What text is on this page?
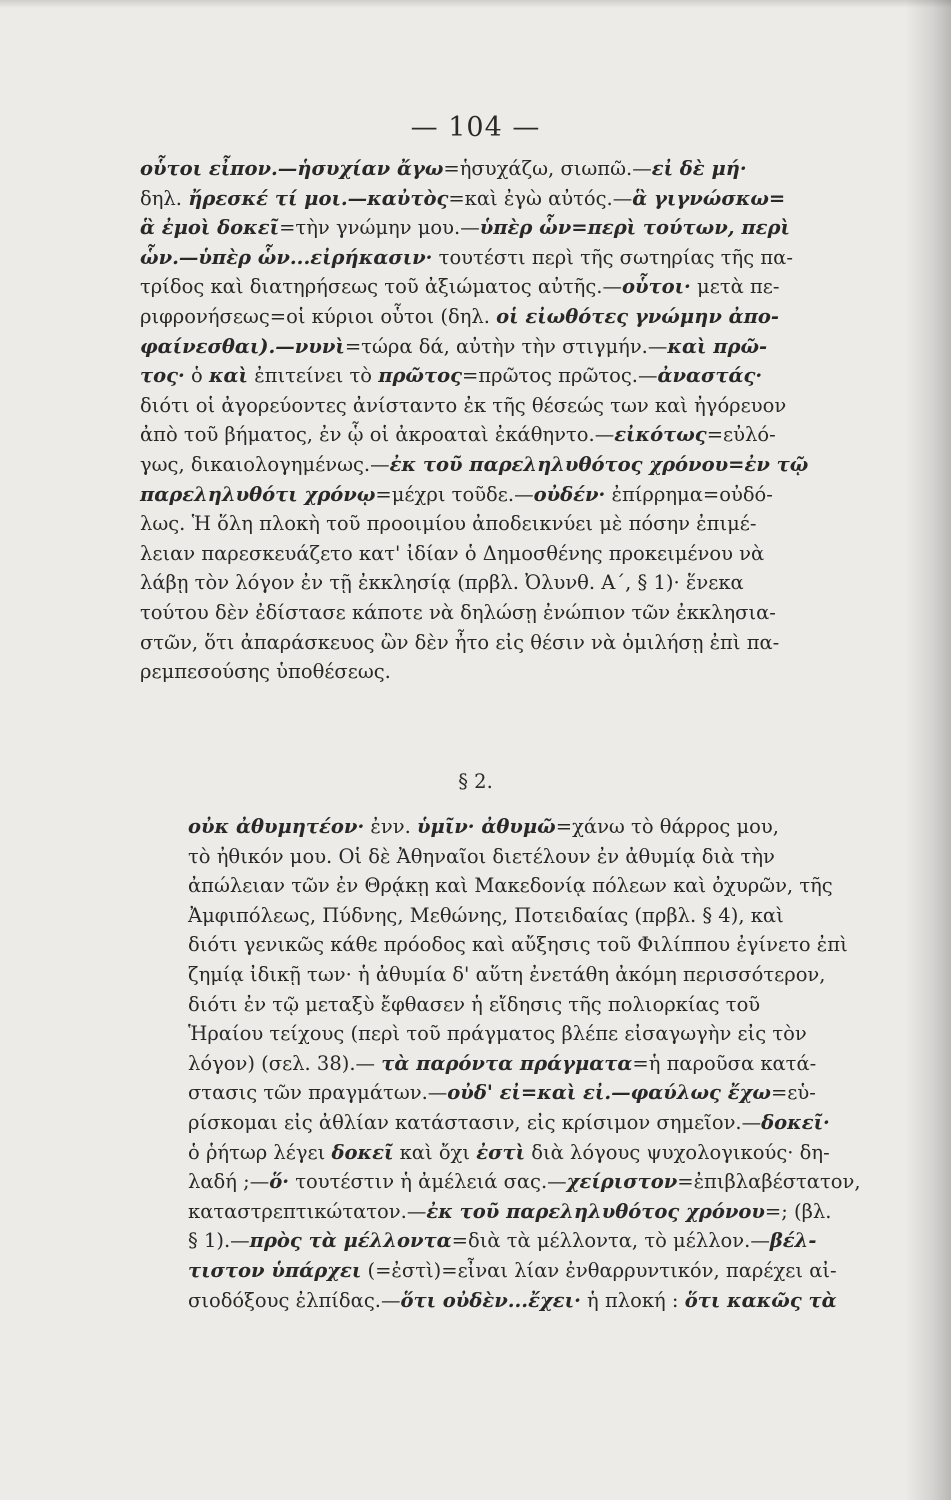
— 104 —
οὗτοι εἶπον.—ἡσυχίαν ἄγω=ἡσυχάζω, σιωπῶ.—εἰ δὲ μή·
δηλ. ἤρεσκέ τί μοι.—καὐτὸς=καὶ ἐγὼ αὐτός.—ἃ γιγνώσκω=
ἃ ἐμοὶ δοκεῖ=τὴν γνώμην μου.—ὑπὲρ ὧν=περὶ τούτων, περὶ
ὧν.—ὑπὲρ ὧν...εἰρήκασιν· τουτέστι περὶ τῆς σωτηρίας τῆς πα-
τρίδος καὶ διατηρήσεως τοῦ ἀξιώματος αὐτῆς.—οὗτοι· μετὰ πε-
ριφρονήσεως=οἱ κύριοι οὗτοι (δηλ. οἱ εἰωθότες γνώμην ἀπο-
φαίνεσθαι).—νυνὶ=τώρα δά, αὐτὴν τὴν στιγμήν.—καὶ πρῶ-
τος· ὁ καὶ ἐπιτείνει τὸ πρῶτος=πρῶτος πρῶτος.—ἀναστάς·
διότι οἱ ἀγορεύοντες ἀνίσταντο ἐκ τῆς θέσεώς των καὶ ἠγόρευον
ἀπὸ τοῦ βήματος, ἐν ᾧ οἱ ἀκροαταὶ ἐκάθηντο.—εἰκότως=εὐλό-
γως, δικαιολογημένως.—ἐκ τοῦ παρεληλυθότος χρόνου=ἐν τῷ
παρεληλυθότι χρόνῳ=μέχρι τοῦδε.—οὐδέν· ἐπίρρημα=οὐδό-
λως. Ἡ ὅλη πλοκὴ τοῦ προοιμίου ἀποδεικνύει μὲ πόσην ἐπιμέ-
λειαν παρεσκευάζετο κατ' ἰδίαν ὁ Δημοσθένης προκειμένου νὰ
λάβῃ τὸν λόγον ἐν τῇ ἐκκλησίᾳ (πρβλ. Ὀλυνθ. Α΄, § 1)· ἕνεκα
τούτου δὲν ἐδίστασε κάποτε νὰ δηλώσῃ ἐνώπιον τῶν ἐκκλησια-
στῶν, ὅτι ἀπαράσκευος ὢν δὲν ἦτο εἰς θέσιν νὰ ὁμιλήσῃ ἐπὶ πα-
ρεμπεσούσης ὑποθέσεως.
§ 2.
οὐκ ἀθυμητέον· ἐνν. ὑμῖν· ἀθυμῶ=χάνω τὸ θάρρος μου,
τὸ ἠθικόν μου. Οἱ δὲ Ἀθηναῖοι διετέλουν ἐν ἀθυμίᾳ διὰ τὴν
ἀπώλειαν τῶν ἐν Θρᾴκῃ καὶ Μακεδονίᾳ πόλεων καὶ ὀχυρῶν, τῆς
Ἀμφιπόλεως, Πύδνης, Μεθώνης, Ποτειδαίας (πρβλ. § 4), καὶ
διότι γενικῶς κάθε πρόοδος καὶ αὔξησις τοῦ Φιλίππου ἐγίνετο ἐπὶ
ζημίᾳ ἰδικῇ των· ἡ ἀθυμία δ' αὕτη ἐνετάθη ἀκόμη περισσότερον,
διότι ἐν τῷ μεταξὺ ἔφθασεν ἡ εἴδησις τῆς πολιορκίας τοῦ
Ἡραίου τείχους (περὶ τοῦ πράγματος βλέπε εἰσαγωγὴν εἰς τὸν
λόγον) (σελ. 38).— τὰ παρόντα πράγματα=ἡ παροῦσα κατά-
στασις τῶν πραγμάτων.—οὐδ' εἰ=καὶ εἰ.—φαύλως ἔχω=εὑ-
ρίσκομαι εἰς ἀθλίαν κατάστασιν, εἰς κρίσιμον σημεῖον.—δοκεῖ·
ὁ ῥήτωρ λέγει δοκεῖ καὶ ὄχι ἐστὶ διὰ λόγους ψυχολογικούς· δη-
λαδή ;—ὅ· τουτέστιν ἡ ἀμέλειά σας.—χείριστον=ἐπιβλαβέστατον,
καταστρεπτικώτατον.—ἐκ τοῦ παρεληλυθότος χρόνου=; (βλ.
§ 1).—πρὸς τὰ μέλλοντα=διὰ τὰ μέλλοντα, τὸ μέλλον.—βέλ-
τιστον ὑπάρχει (=ἐστὶ)=εἶναι λίαν ἐνθαρρυντικόν, παρέχει αἰ-
σιοδόξους ἐλπίδας.—ὅτι οὐδὲν...ἔχει· ἡ πλοκή : ὅτι κακῶς τὰ
